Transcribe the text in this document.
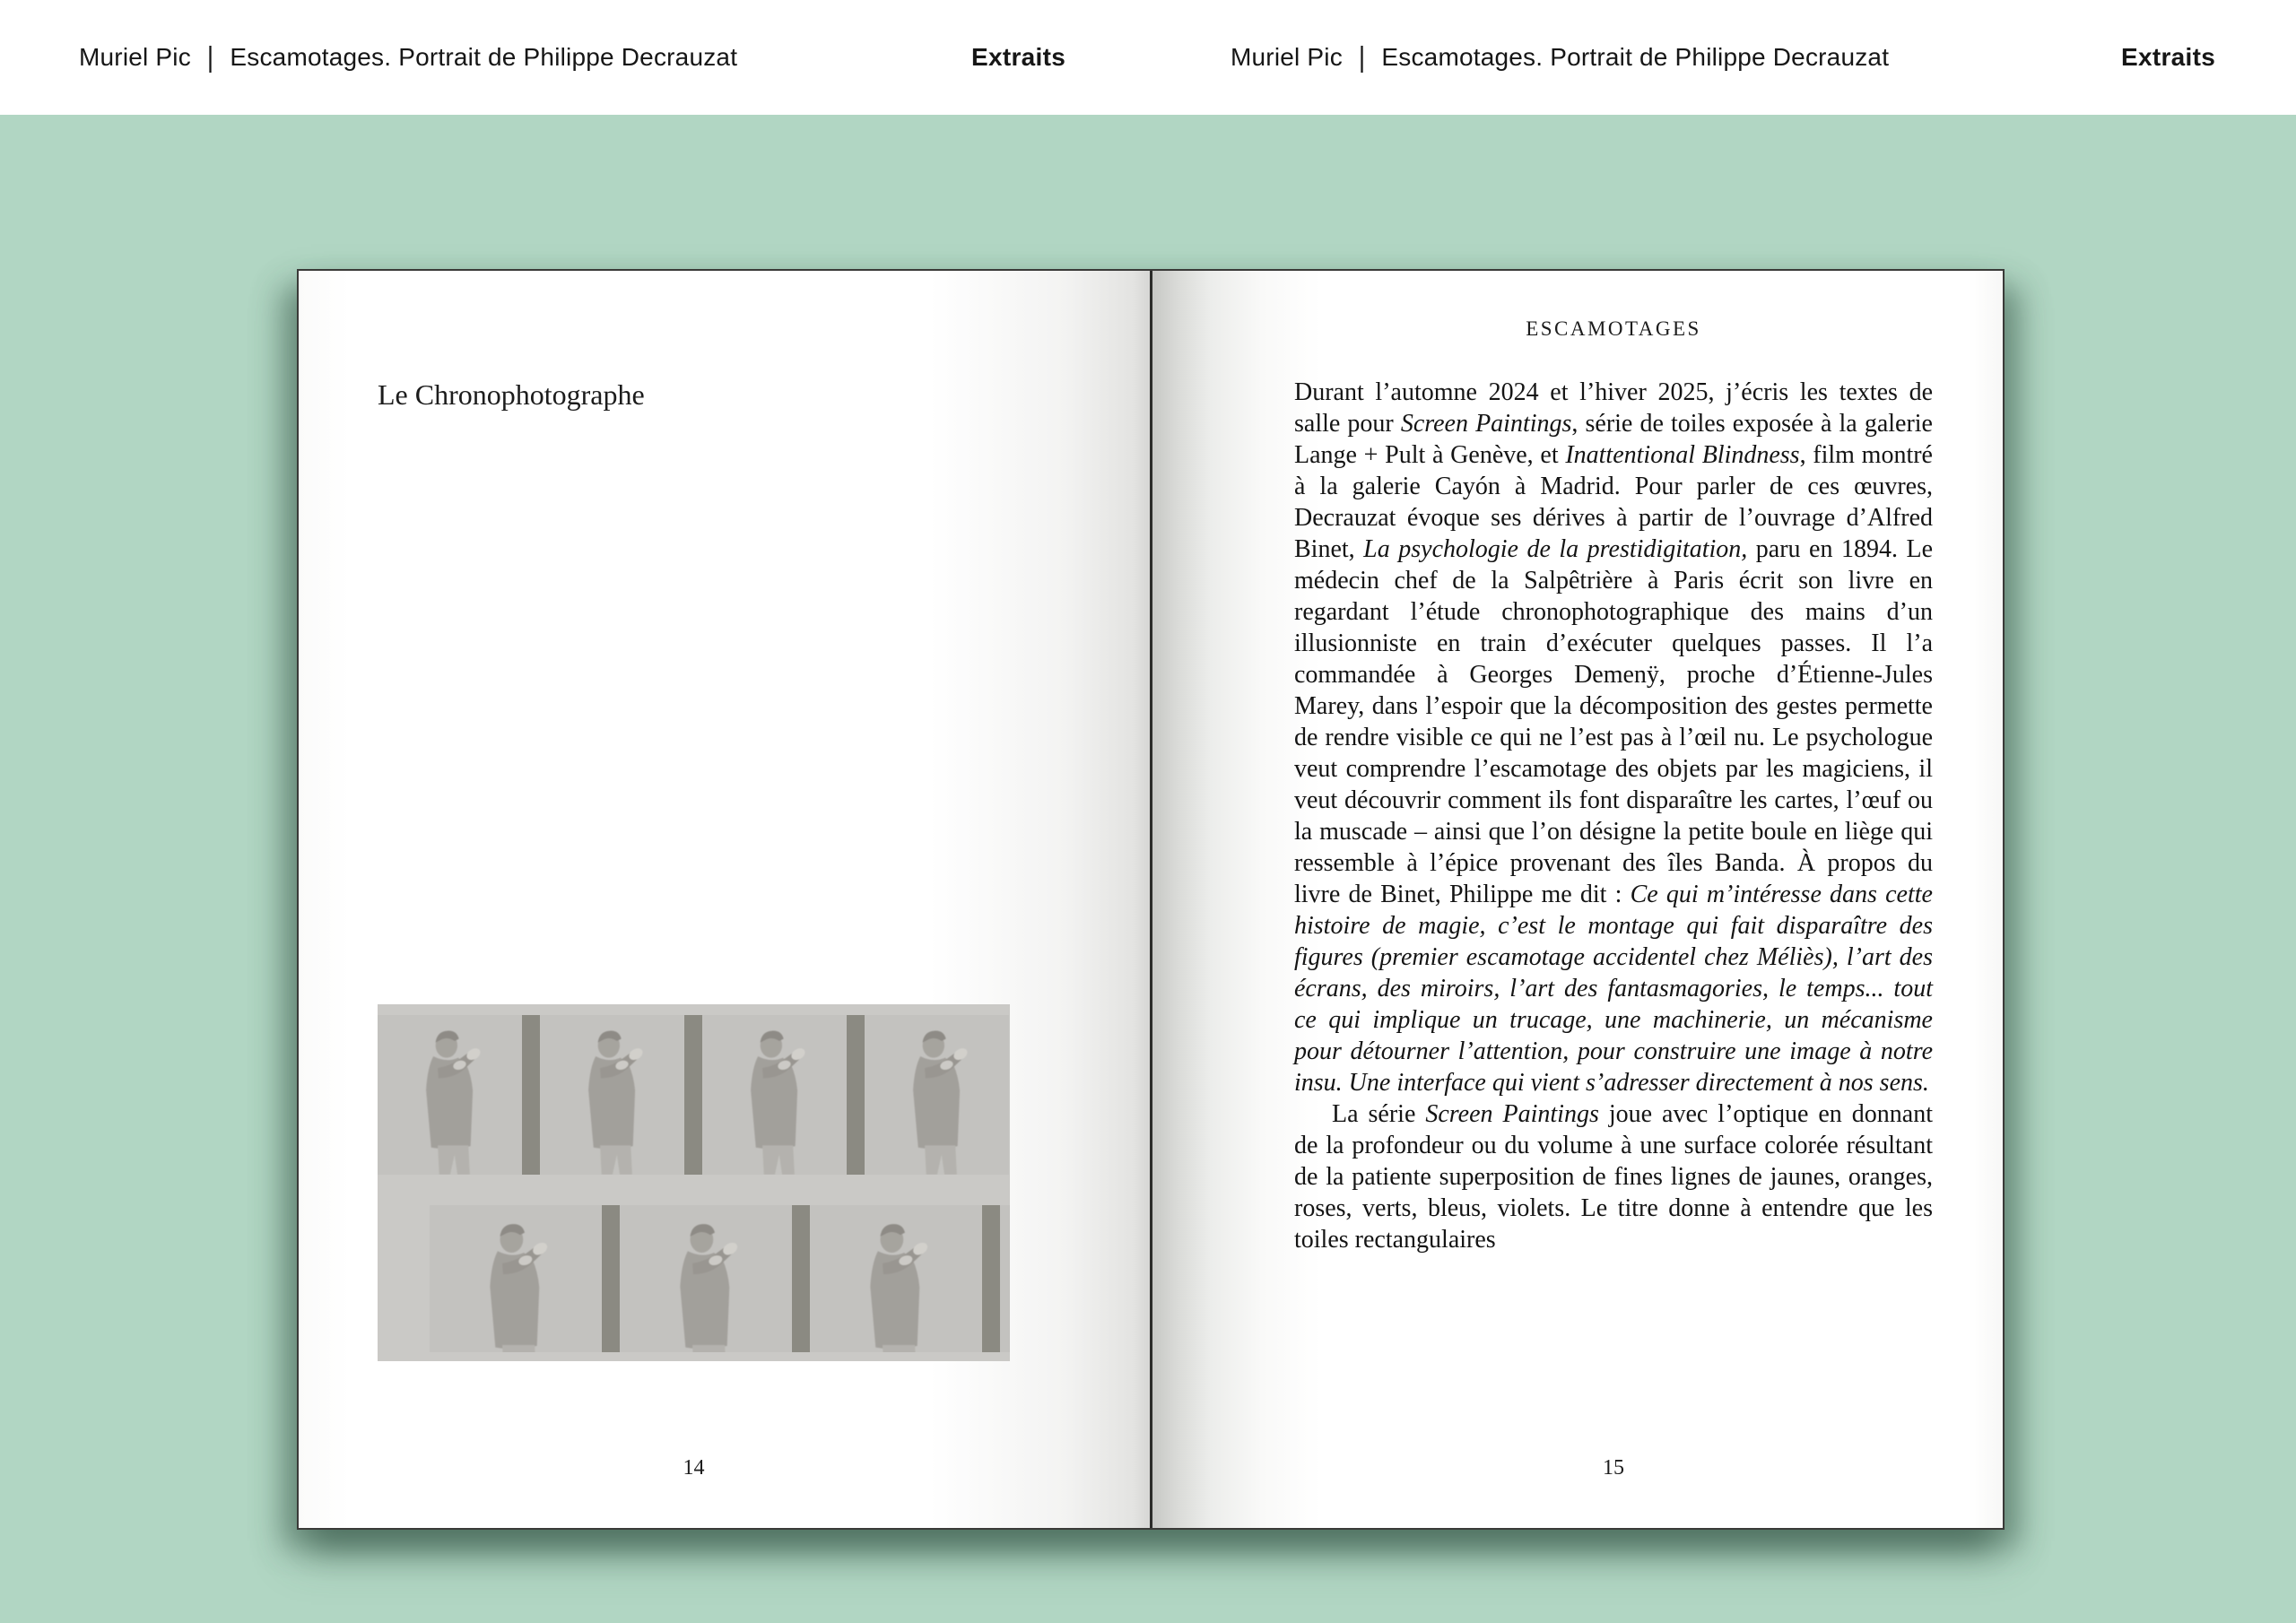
Muriel Pic | Escamotages. Portrait de Philippe Decrauzat	Extraits	Muriel Pic | Escamotages. Portrait de Philippe Decrauzat	Extraits
Le Chronophotographe
14
ESCAMOTAGES

Durant l’automne 2024 et l’hiver 2025, j’écris les textes de salle pour Screen Paintings, série de toiles exposée à la galerie Lange + Pult à Genève, et Inattentional Blindness, film montré à la galerie Cayón à Madrid. Pour parler de ces œuvres, Decrauzat évoque ses dérives à partir de l’ouvrage d’Alfred Binet, La psychologie de la prestidigitation, paru en 1894. Le médecin chef de la Salpêtrière à Paris écrit son livre en regardant l’étude chronophotographique des mains d’un illusionniste en train d’exécuter quelques passes. Il l’a commandée à Georges Demenÿ, proche d’Étienne-Jules Marey, dans l’espoir que la décomposition des gestes permette de rendre visible ce qui ne l’est pas à l’œil nu. Le psychologue veut comprendre l’escamotage des objets par les magiciens, il veut découvrir comment ils font disparaître les cartes, l’œuf ou la muscade – ainsi que l’on désigne la petite boule en liège qui ressemble à l’épice provenant des îles Banda. À propos du livre de Binet, Philippe me dit : Ce qui m’intéresse dans cette histoire de magie, c’est le montage qui fait disparaître des figures (premier escamotage accidentel chez Méliès), l’art des écrans, des miroirs, l’art des fantasmagories, le temps... tout ce qui implique un trucage, une machinerie, un mécanisme pour détourner l’attention, pour construire une image à notre insu. Une interface qui vient s’adresser directement à nos sens.

La série Screen Paintings joue avec l’optique en donnant de la profondeur ou du volume à une surface colorée résultant de la patiente superposition de fines lignes de jaunes, oranges, roses, verts, bleus, violets. Le titre donne à entendre que les toiles rectangulaires

15
